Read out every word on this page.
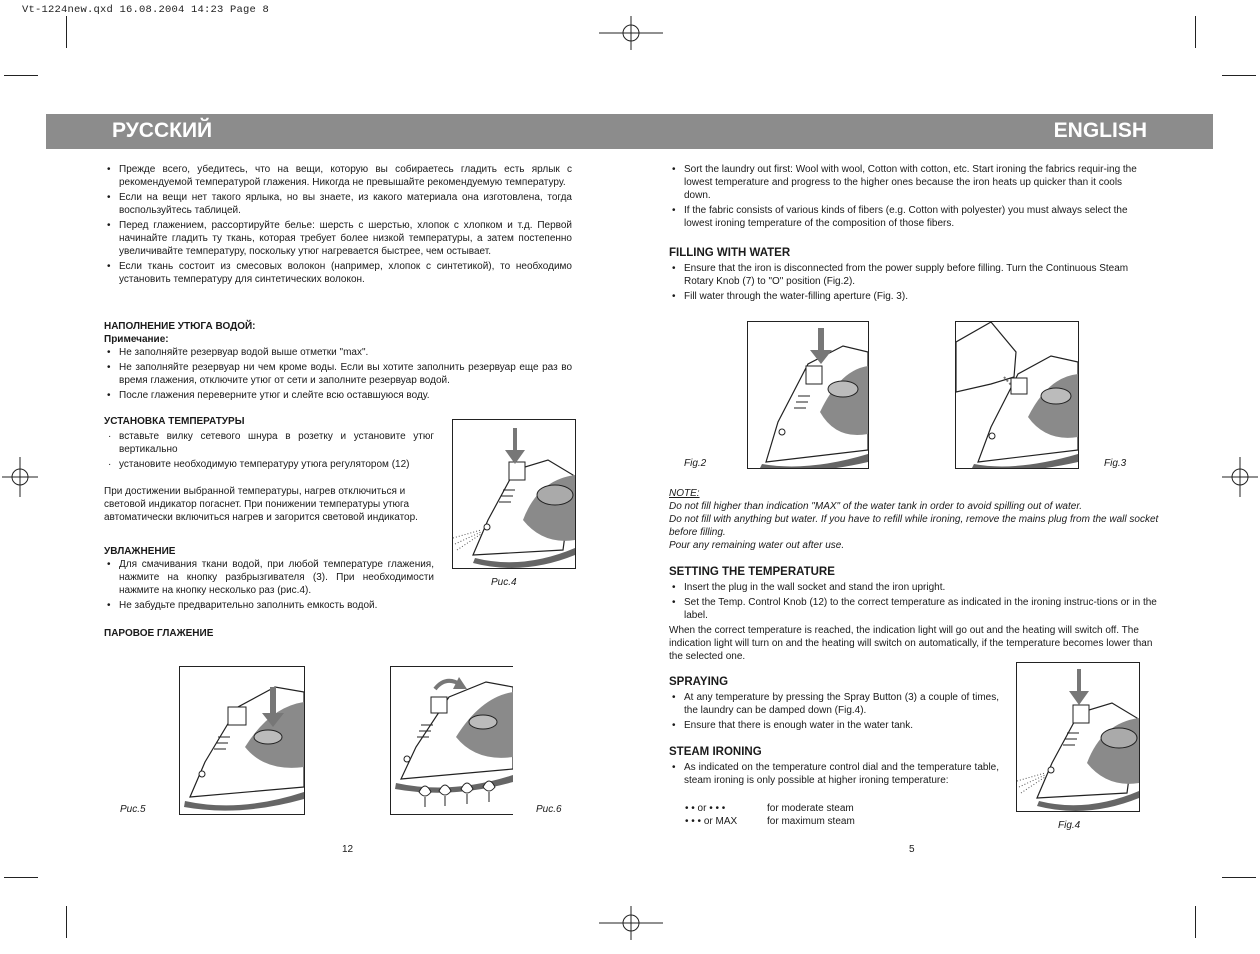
Vt-1224new.qxd 16.08.2004 14:23 Page 8
РУССКИЙ	ENGLISH
• Прежде всего, убедитесь, что на вещи, которую вы собираетесь гладить есть ярлык с рекомендуемой температурой глажения. Никогда не превышайте рекомендуемую температуру.
• Если на вещи нет такого ярлыка, но вы знаете, из какого материала она изготовлена, тогда воспользуйтесь таблицей.
• Перед глажением, рассортируйте белье: шерсть с шерстью, хлопок с хлопком и т.д. Первой начинайте гладить ту ткань, которая требует более низкой температуры, а затем постепенно увеличивайте температуру, поскольку утюг нагревается быстрее, чем остывает.
• Если ткань состоит из смесовых волокон (например, хлопок с синтетикой), то необходимо установить температуру для синтетических волокон.
НАПОЛНЕНИЕ УТЮГА ВОДОЙ:
Примечание:
• Не заполняйте резервуар водой выше отметки "max".
• Не заполняйте резервуар ни чем кроме воды. Если вы хотите заполнить резервуар еще раз во время глажения, отключите утюг от сети и заполните резервуар водой.
• После глажения переверните утюг и слейте всю оставшуюся воду.
УСТАНОВКА ТЕМПЕРАТУРЫ
· вставьте вилку сетевого шнура в розетку и установите утюг вертикально
· установите необходимую температуру утюга регулятором (12)

При достижении выбранной температуры, нагрев отключиться и световой индикатор погаснет. При понижении температуры утюга автоматически включиться нагрев и загорится световой индикатор.

УВЛАЖНЕНИЕ
• Для смачивания ткани водой, при любой температуре глажения, нажмите на кнопку разбрызгивателя (3). При необходимости нажмите на кнопку несколько раз (рис.4).
• Не забудьте предварительно заполнить емкость водой.
ПАРОВОЕ ГЛАЖЕНИЕ
Рис.4
Рис.5	Рис.6
12
• Sort the laundry out first: Wool with wool, Cotton with cotton, etc. Start ironing the fabrics requir-ing the lowest temperature and progress to the higher ones because the iron heats up quicker than it cools down.
• If the fabric consists of various kinds of fibers (e.g. Cotton with polyester) you must always select the lowest ironing temperature of the composition of those fibers.
FILLING WITH WATER
• Ensure that the iron is disconnected from the power supply before filling. Turn the Continuous Steam Rotary Knob (7) to "O" position (Fig.2).
• Fill water through the water-filling aperture (Fig. 3).
Fig.2	Fig.3

NOTE:

Do not fill higher than indication "MAX" of the water tank in order to avoid spilling out of water.

Do not fill with anything but water. If you have to refill while ironing, remove the mains plug from the wall socket before filling.

Pour any remaining water out after use.

SETTING THE TEMPERATURE
• Insert the plug in the wall socket and stand the iron upright.
• Set the Temp. Control Knob (12) to the correct temperature as indicated in the ironing instruc-tions or in the label.

When the correct temperature is reached, the indication light will go out and the heating will switch off. The indication light will turn on and the heating will switch on automatically, if the temperature becomes lower than the selected one.

SPRAYING
• At any temperature by pressing the Spray Button (3) a couple of times, the laundry can be damped down (Fig.4).
• Ensure that there is enough water in the water tank.
STEAM IRONING
• As indicated on the temperature control dial and the temperature table, steam ironing is only possible at higher ironing temperature:
• • or • • •	for moderate steam
• • • or MAX	for maximum steam	Fig.4
5
